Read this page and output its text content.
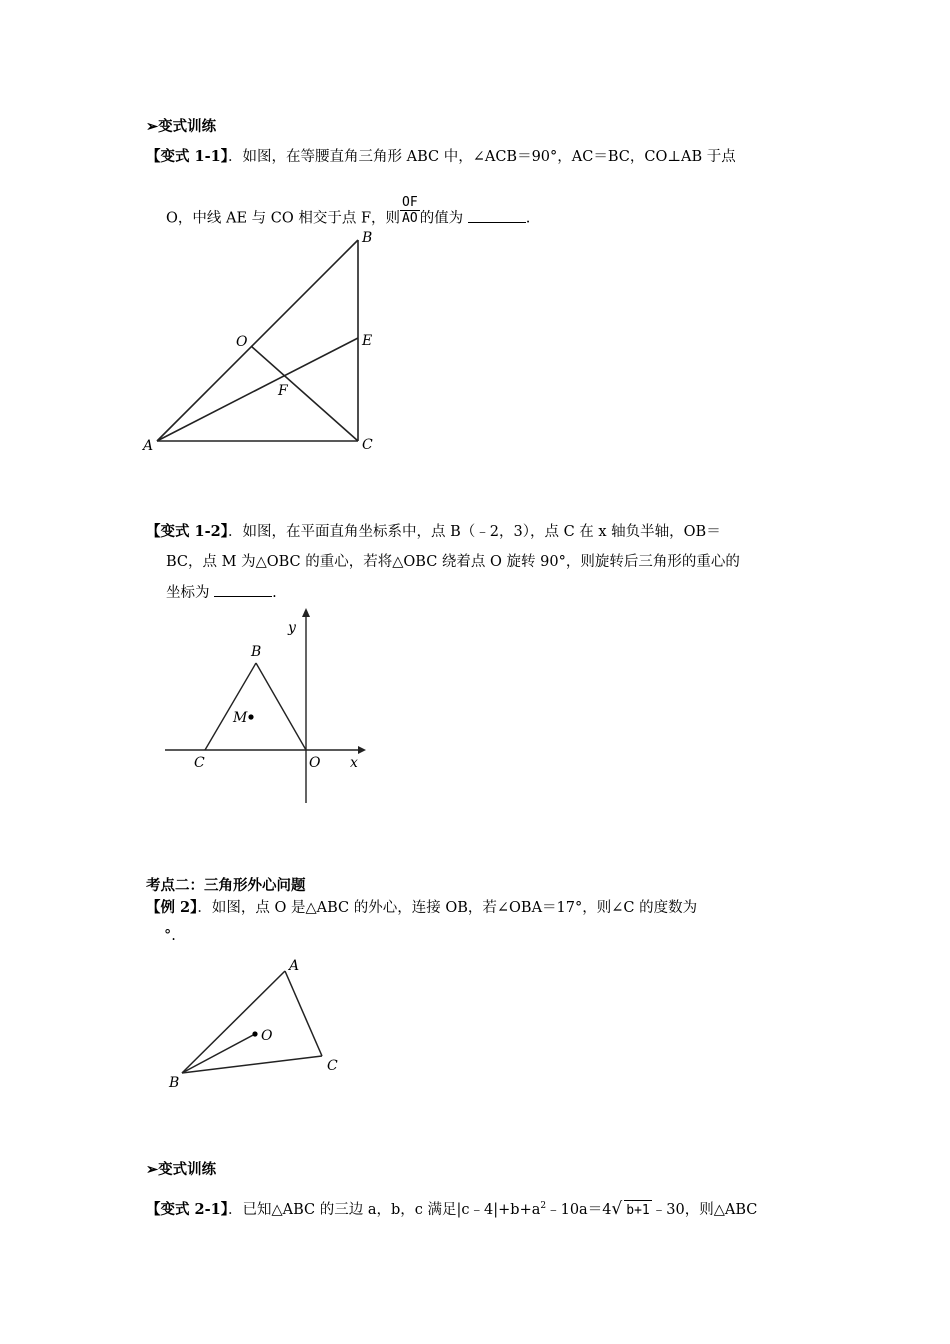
➢变式训练
【变式 1-1】．如图，在等腰直角三角形 ABC 中，∠ACB＝90°，AC＝BC，CO⊥AB 于点
O，中线 AE 与 CO 相交于点 F，则 $\frac{OF}{AO}$ 的值为	.
B
O	E
F
A	C
【变式 1-2】．如图，在平面直角坐标系中，点 B（﹣2，3），点 C 在 x 轴负半轴，OB＝
BC，点 M 为△OBC 的重心，若将△OBC 绕着点 O 旋转 90°，则旋转后三角形的重心的
坐标为	.
y
B
M
C	O x
考点二：三角形外心问题
【例 2】．如图，点 O 是△ABC 的外心，连接 OB，若∠OBA＝17°，则∠C 的度数为
°.
A
O
C
B
➢变式训练
【变式 2-1】．已知△ABC 的三边 a，b，c 满足$|c﹣4|+b+a^2﹣10a=4√$ b+1 ﹣30，则△ABC
